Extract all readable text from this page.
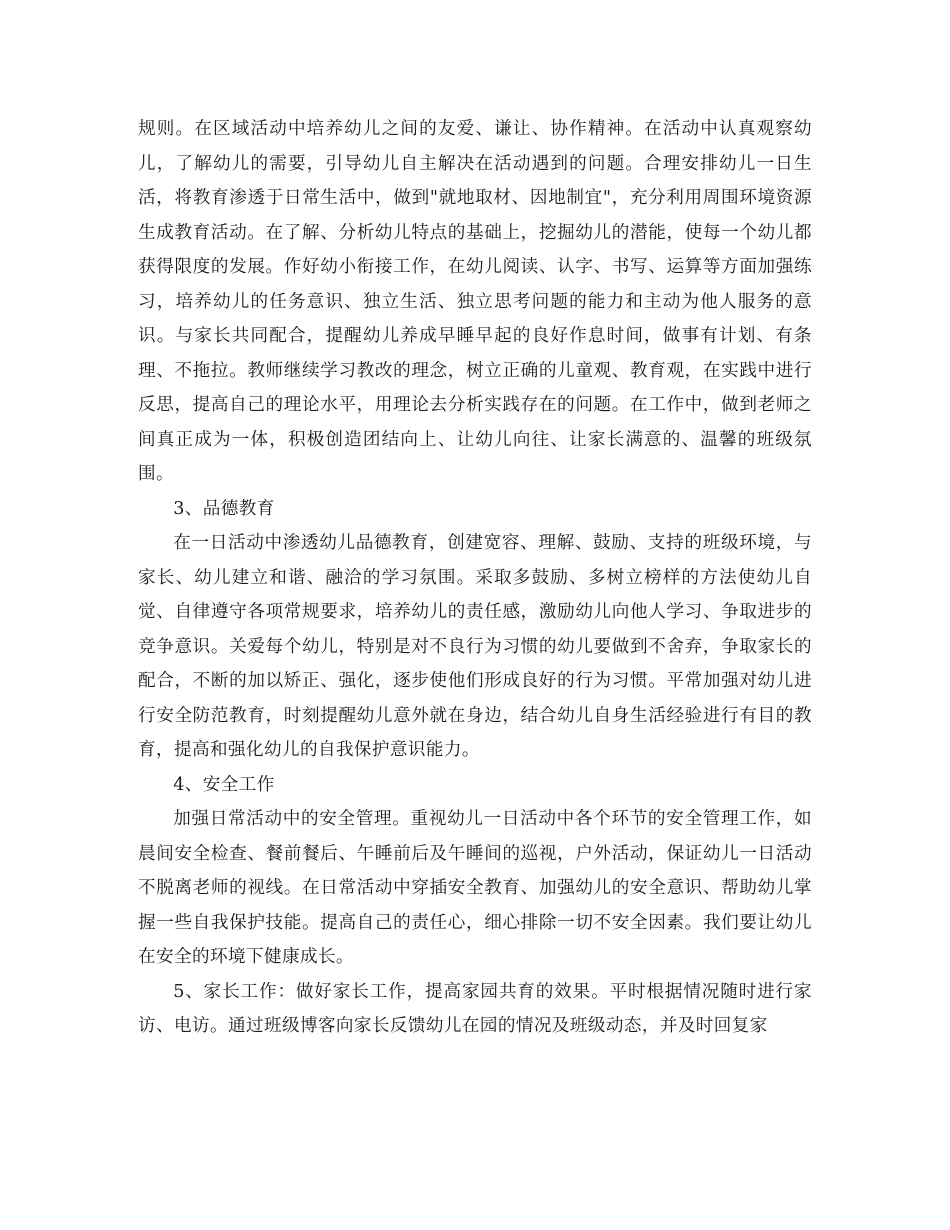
规则。在区域活动中培养幼儿之间的友爱、谦让、协作精神。在活动中认真观察幼儿，了解幼儿的需要，引导幼儿自主解决在活动遇到的问题。合理安排幼儿一日生活，将教育渗透于日常生活中，做到"就地取材、因地制宜"，充分利用周围环境资源生成教育活动。在了解、分析幼儿特点的基础上，挖掘幼儿的潜能，使每一个幼儿都获得限度的发展。作好幼小衔接工作，在幼儿阅读、认字、书写、运算等方面加强练习，培养幼儿的任务意识、独立生活、独立思考问题的能力和主动为他人服务的意识。与家长共同配合，提醒幼儿养成早睡早起的良好作息时间，做事有计划、有条理、不拖拉。教师继续学习教改的理念，树立正确的儿童观、教育观，在实践中进行反思，提高自己的理论水平，用理论去分析实践存在的问题。在工作中，做到老师之间真正成为一体，积极创造团结向上、让幼儿向往、让家长满意的、温馨的班级氛围。

3、品德教育

在一日活动中渗透幼儿品德教育，创建宽容、理解、鼓励、支持的班级环境，与家长、幼儿建立和谐、融洽的学习氛围。采取多鼓励、多树立榜样的方法使幼儿自觉、自律遵守各项常规要求，培养幼儿的责任感，激励幼儿向他人学习、争取进步的竞争意识。关爱每个幼儿，特别是对不良行为习惯的幼儿要做到不舍弃，争取家长的配合，不断的加以矫正、强化，逐步使他们形成良好的行为习惯。平常加强对幼儿进行安全防范教育，时刻提醒幼儿意外就在身边，结合幼儿自身生活经验进行有目的教育，提高和强化幼儿的自我保护意识能力。

4、安全工作

加强日常活动中的安全管理。重视幼儿一日活动中各个环节的安全管理工作，如晨间安全检查、餐前餐后、午睡前后及午睡间的巡视，户外活动，保证幼儿一日活动不脱离老师的视线。在日常活动中穿插安全教育、加强幼儿的安全意识、帮助幼儿掌握一些自我保护技能。提高自己的责任心，细心排除一切不安全因素。我们要让幼儿在安全的环境下健康成长。

5、家长工作：做好家长工作，提高家园共育的效果。平时根据情况随时进行家访、电访。通过班级博客向家长反馈幼儿在园的情况及班级动态，并及时回复家
